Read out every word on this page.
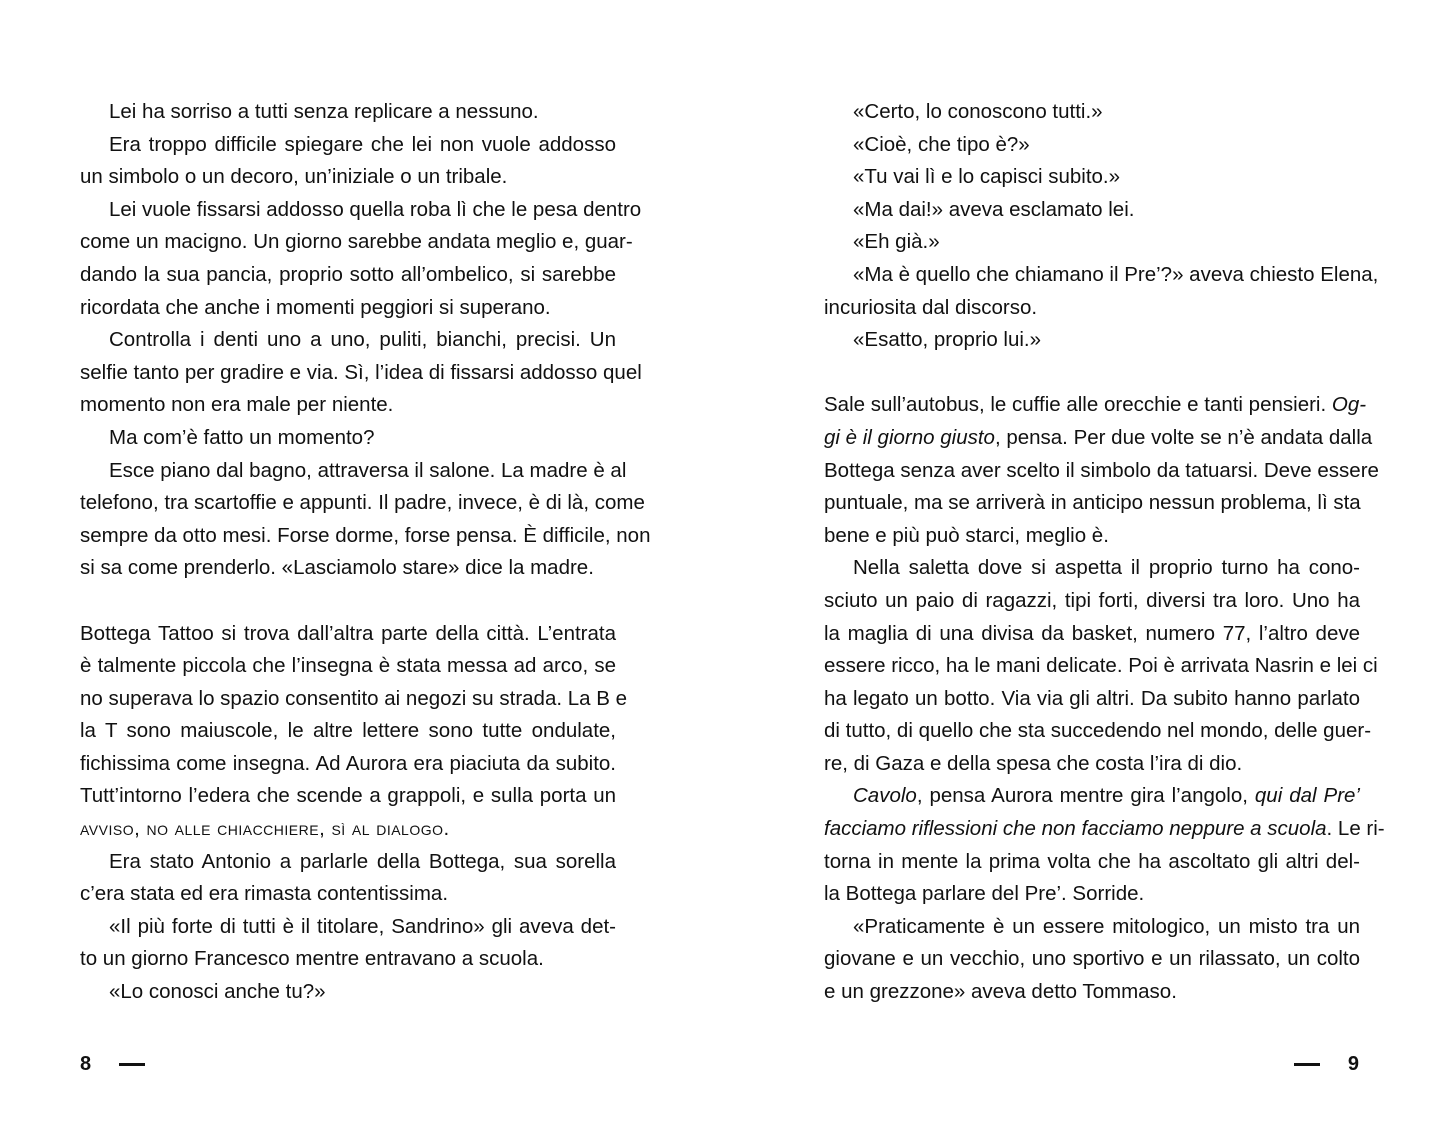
Lei ha sorriso a tutti senza replicare a nessuno.
Era troppo difficile spiegare che lei non vuole addosso
un simbolo o un decoro, un’iniziale o un tribale.
Lei vuole fissarsi addosso quella roba lì che le pesa dentro
come un macigno. Un giorno sarebbe andata meglio e, guar-
dando la sua pancia, proprio sotto all’ombelico, si sarebbe
ricordata che anche i momenti peggiori si superano.
Controlla i denti uno a uno, puliti, bianchi, precisi. Un
selfie tanto per gradire e via. Sì, l’idea di fissarsi addosso quel
momento non era male per niente.
Ma com’è fatto un momento?
Esce piano dal bagno, attraversa il salone. La madre è al
telefono, tra scartoffie e appunti. Il padre, invece, è di là, come
sempre da otto mesi. Forse dorme, forse pensa. È difficile, non
si sa come prenderlo. «Lasciamolo stare» dice la madre.
Bottega Tattoo si trova dall’altra parte della città. L’entrata
è talmente piccola che l’insegna è stata messa ad arco, se
no superava lo spazio consentito ai negozi su strada. La B e
la T sono maiuscole, le altre lettere sono tutte ondulate,
fichissima come insegna. Ad Aurora era piaciuta da subito.
Tutt’intorno l’edera che scende a grappoli, e sulla porta un
avviso, no alle chiacchiere, sì al dialogo.
Era stato Antonio a parlarle della Bottega, sua sorella
c’era stata ed era rimasta contentissima.
«Il più forte di tutti è il titolare, Sandrino» gli aveva det-
to un giorno Francesco mentre entravano a scuola.
«Lo conosci anche tu?»
«Certo, lo conoscono tutti.»
«Cioè, che tipo è?»
«Tu vai lì e lo capisci subito.»
«Ma dai!» aveva esclamato lei.
«Eh già.»
«Ma è quello che chiamano il Pre’?» aveva chiesto Elena,
incuriosita dal discorso.
«Esatto, proprio lui.»
Sale sull’autobus, le cuffie alle orecchie e tanti pensieri. Og-
gi è il giorno giusto, pensa. Per due volte se n’è andata dalla
Bottega senza aver scelto il simbolo da tatuarsi. Deve essere
puntuale, ma se arriverà in anticipo nessun problema, lì sta
bene e più può starci, meglio è.
Nella saletta dove si aspetta il proprio turno ha cono-
sciuto un paio di ragazzi, tipi forti, diversi tra loro. Uno ha
la maglia di una divisa da basket, numero 77, l’altro deve
essere ricco, ha le mani delicate. Poi è arrivata Nasrin e lei ci
ha legato un botto. Via via gli altri. Da subito hanno parlato
di tutto, di quello che sta succedendo nel mondo, delle guer-
re, di Gaza e della spesa che costa l’ira di dio.
Cavolo, pensa Aurora mentre gira l’angolo, qui dal Pre’
facciamo riflessioni che non facciamo neppure a scuola. Le ri-
torna in mente la prima volta che ha ascoltato gli altri del-
la Bottega parlare del Pre’. Sorride.
«Praticamente è un essere mitologico, un misto tra un
giovane e un vecchio, uno sportivo e un rilassato, un colto
e un grezzone» aveva detto Tommaso.
8	9
